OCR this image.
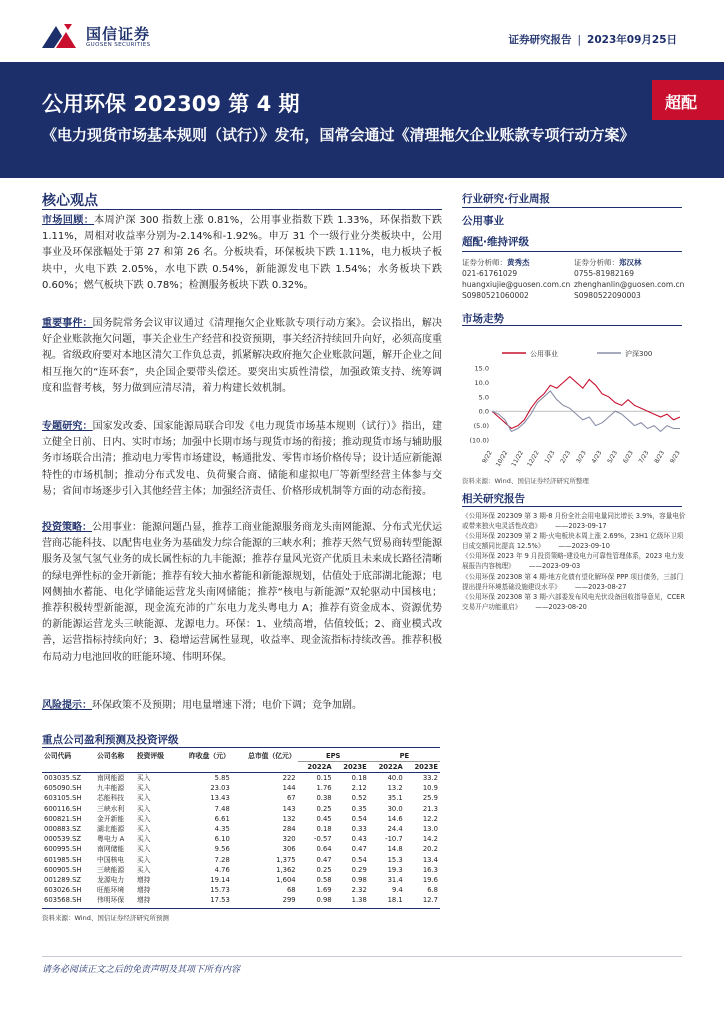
国信证券
GUOSEN SECURITIES	证券研究报告 | 2023年09月25日
公用环保 202309 第 4 期
《电力现货市场基本规则（试行）》发布，国常会通过《清理拖欠企业账款专项行动方案》
超配
核心观点
市场回顾：本周沪深 300 指数上涨 0.81%，公用事业指数下跌 1.33%，环保指数下跌 1.11%，周相对收益率分别为-2.14%和-1.92%。申万 31 个一级行业分类板块中，公用事业及环保涨幅处于第 27 和第 26 名。分板块看，环保板块下跌 1.11%，电力板块子板块中，火电下跌 2.05%，水电下跌 0.54%，新能源发电下跌 1.54%；水务板块下跌 0.60%；燃气板块下跌 0.78%；检测服务板块下跌 0.32%。
重要事件：国务院常务会议审议通过《清理拖欠企业账款专项行动方案》。会议指出，解决好企业账款拖欠问题，事关企业生产经营和投资预期，事关经济持续回升向好，必须高度重视。省级政府要对本地区清欠工作负总责，抓紧解决政府拖欠企业账款问题，解开企业之间相互拖欠的“连环套”，央企国企要带头偿还。要突出实质性清偿，加强政策支持、统筹调度和监督考核，努力做到应清尽清，着力构建长效机制。
专题研究：国家发改委、国家能源局联合印发《电力现货市场基本规则（试行）》指出，建立健全日前、日内、实时市场；加强中长期市场与现货市场的衔接；推动现货市场与辅助服务市场联合出清；推动电力零售市场建设，畅通批发、零售市场价格传导；设计适应新能源特性的市场机制；推动分布式发电、负荷聚合商、储能和虚拟电厂等新型经营主体参与交易；省间市场逐步引入其他经营主体；加强经济责任、价格形成机制等方面的动态衔接。
投资策略：公用事业：能源问题凸显，推荐工商业能源服务商龙头南网能源、分布式光伏运营商芯能科技、以配售电业务为基础发力综合能源的三峡水利；推荐天然气贸易商转型能源服务及氢气氢气业务的成长属性标的九丰能源；推荐存量风光资产优质且未来成长路径清晰的绿电弹性标的金开新能；推荐有较大抽水蓄能和新能源规划，估值处于底部湖北能源；电网侧抽水蓄能、电化学储能运营龙头南网储能；推荐“核电与新能源”双轮驱动中国核电；推荐积极转型新能源，现金流充沛的广东电力龙头粤电力 A；推荐有资金成本、资源优势的新能源运营龙头三峡能源、龙源电力。环保：1、业绩高增，估值较低；2、商业模式改善，运营指标持续向好；3、稳增运营属性显现，收益率、现金流指标持续改善。推荐积极布局动力电池回收的旺能环境、伟明环保。
风险提示：环保政策不及预期；用电量增速下滑；电价下调；竞争加剧。
行业研究·行业周报
公用事业
超配·维持评级
证券分析师：黄秀杰
021-61761029
huangxiujie@guosen.com.cn
S0980521060002
证券分析师：郑汉林
0755-81982169
zhenghanlin@guosen.com.cn
S0980522090003
市场走势
公用事业	沪深300
15.0
10.0
5.0
0.0
(5.0)
(10.0)
9/22 10/22 11/22 12/22 1/23 2/23 3/23 4/23 5/23 6/23 7/23 8/23 9/23
资料来源：Wind、国信证券经济研究所整理
相关研究报告
《公用环保 202309 第 3 期-8 月份全社会用电量同比增长 3.9%，容量电价或带来独火电灵活性改造》 ——2023-09-17
《公用环保 202309 第 2 期-火电板块本周上涨 2.69%，23H1 亿级环卫项目成交额同比提高 12.5%》 ——2023-09-10
《公用环保 2023 年 9 月投资策略-建设电力可靠性管理体系，2023 电力发展报告内容梳理》 ——2023-09-03
《公用环保 202308 第 4 期-地方化债有望化解环保 PPP 项目债务，三部门提出提升环境基础设施建设水平》 ——2023-08-27
《公用环保 202308 第 3 期-六部委发布风电光伏设备回收指导意见，CCER 交易开户功能重启》 ——2023-08-20
重点公司盈利预测及投资评级
公司代码	公司名称	投资评级	昨收盘（元）	总市值（亿元）	EPS		PE	
					2022A	2023E	2022A	2023E
003035.SZ	南网能源	买入	5.85	222	0.15	0.18	40.0	33.2
605090.SH	九丰能源	买入	23.03	144	1.76	2.12	13.2	10.9
603105.SH	芯能科技	买入	13.43	67	0.38	0.52	35.1	25.9
600116.SH	三峡水利	买入	7.48	143	0.25	0.35	30.0	21.3
600821.SH	金开新能	买入	6.61	132	0.45	0.54	14.6	12.2
000883.SZ	湖北能源	买入	4.35	284	0.18	0.33	24.4	13.0
000539.SZ	粤电力 A	买入	6.10	320	-0.57	0.43	-10.7	14.2
600995.SH	南网储能	买入	9.56	306	0.64	0.47	14.8	20.2
601985.SH	中国核电	买入	7.28	1,375	0.47	0.54	15.3	13.4
600905.SH	三峡能源	买入	4.76	1,362	0.25	0.29	19.3	16.3
001289.SZ	龙源电力	增持	19.14	1,604	0.58	0.98	31.4	19.6
603026.SH	旺能环境	增持	15.73	68	1.69	2.32	9.4	6.8
603568.SH	伟明环保	增持	17.53	299	0.98	1.38	18.1	12.7
资料来源：Wind、国信证券经济研究所预测
请务必阅读正文之后的免责声明及其项下所有内容
